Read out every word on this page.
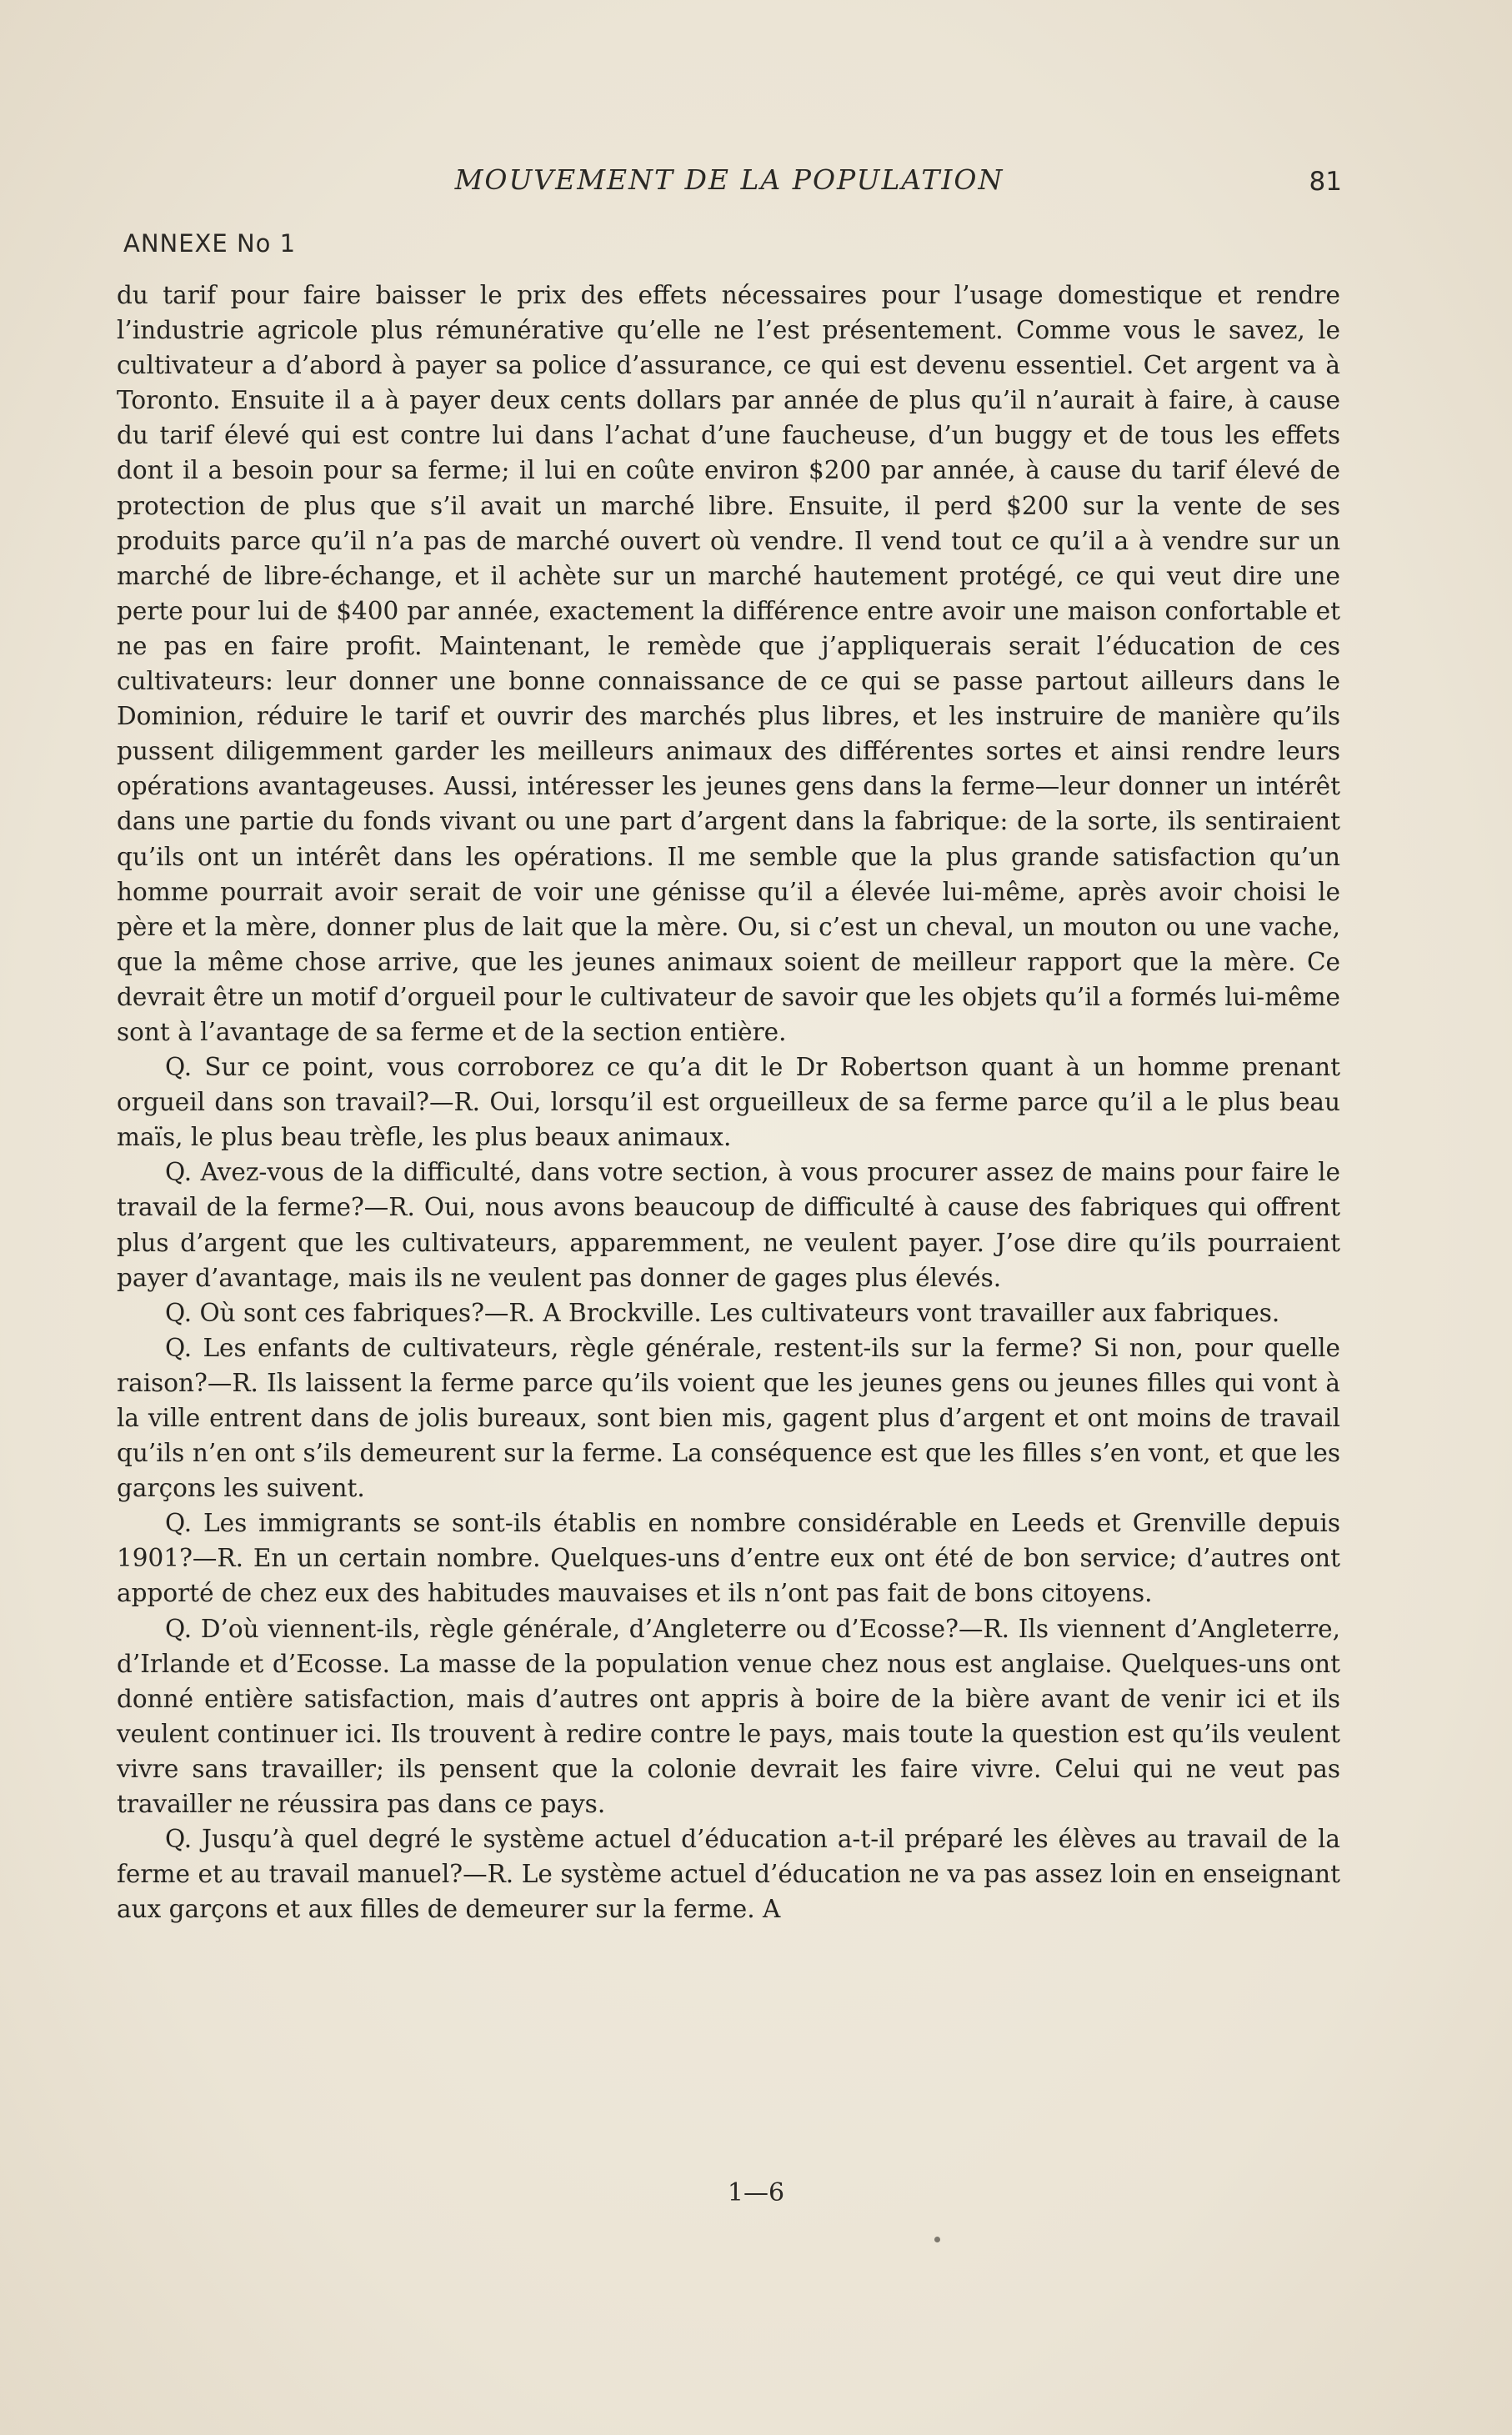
MOUVEMENT DE LA POPULATION	81
ANNEXE No 1

du tarif pour faire baisser le prix des effets nécessaires pour l’usage domestique et rendre l’industrie agricole plus rémunérative qu’elle ne l’est présentement. Comme vous le savez, le cultivateur a d’abord à payer sa police d’assurance, ce qui est devenu essentiel. Cet argent va à Toronto. Ensuite il a à payer deux cents dollars par année de plus qu’il n’aurait à faire, à cause du tarif élevé qui est contre lui dans l’achat d’une faucheuse, d’un buggy et de tous les effets dont il a besoin pour sa ferme; il lui en coûte environ $200 par année, à cause du tarif élevé de protection de plus que s’il avait un marché libre. Ensuite, il perd $200 sur la vente de ses produits parce qu’il n’a pas de marché ouvert où vendre. Il vend tout ce qu’il a à vendre sur un marché de libre-échange, et il achète sur un marché hautement protégé, ce qui veut dire une perte pour lui de $400 par année, exactement la différence entre avoir une maison confortable et ne pas en faire profit. Maintenant, le remède que j’appliquerais serait l’éducation de ces cultivateurs: leur donner une bonne connaissance de ce qui se passe partout ailleurs dans le Dominion, réduire le tarif et ouvrir des marchés plus libres, et les instruire de manière qu’ils pussent diligemment garder les meilleurs animaux des différentes sortes et ainsi rendre leurs opérations avantageuses. Aussi, intéresser les jeunes gens dans la ferme—leur donner un intérêt dans une partie du fonds vivant ou une part d’argent dans la fabrique: de la sorte, ils sentiraient qu’ils ont un intérêt dans les opérations. Il me semble que la plus grande satisfaction qu’un homme pourrait avoir serait de voir une génisse qu’il a élevée lui-même, après avoir choisi le père et la mère, donner plus de lait que la mère. Ou, si c’est un cheval, un mouton ou une vache, que la même chose arrive, que les jeunes animaux soient de meilleur rapport que la mère. Ce devrait être un motif d’orgueil pour le cultivateur de savoir que les objets qu’il a formés lui-même sont à l’avantage de sa ferme et de la section entière.

Q. Sur ce point, vous corroborez ce qu’a dit le Dr Robertson quant à un homme prenant orgueil dans son travail?—R. Oui, lorsqu’il est orgueilleux de sa ferme parce qu’il a le plus beau maïs, le plus beau trèfle, les plus beaux animaux.

Q. Avez-vous de la difficulté, dans votre section, à vous procurer assez de mains pour faire le travail de la ferme?—R. Oui, nous avons beaucoup de difficulté à cause des fabriques qui offrent plus d’argent que les cultivateurs, apparemment, ne veulent payer. J’ose dire qu’ils pourraient payer d’avantage, mais ils ne veulent pas donner de gages plus élevés.

Q. Où sont ces fabriques?—R. A Brockville. Les cultivateurs vont travailler aux fabriques.

Q. Les enfants de cultivateurs, règle générale, restent-ils sur la ferme? Si non, pour quelle raison?—R. Ils laissent la ferme parce qu’ils voient que les jeunes gens ou jeunes filles qui vont à la ville entrent dans de jolis bureaux, sont bien mis, gagent plus d’argent et ont moins de travail qu’ils n’en ont s’ils demeurent sur la ferme. La conséquence est que les filles s’en vont, et que les garçons les suivent.

Q. Les immigrants se sont-ils établis en nombre considérable en Leeds et Grenville depuis 1901?—R. En un certain nombre. Quelques-uns d’entre eux ont été de bon service; d’autres ont apporté de chez eux des habitudes mauvaises et ils n’ont pas fait de bons citoyens.

Q. D’où viennent-ils, règle générale, d’Angleterre ou d’Ecosse?—R. Ils viennent d’Angleterre, d’Irlande et d’Ecosse. La masse de la population venue chez nous est anglaise. Quelques-uns ont donné entière satisfaction, mais d’autres ont appris à boire de la bière avant de venir ici et ils veulent continuer ici. Ils trouvent à redire contre le pays, mais toute la question est qu’ils veulent vivre sans travailler; ils pensent que la colonie devrait les faire vivre. Celui qui ne veut pas travailler ne réussira pas dans ce pays.

Q. Jusqu’à quel degré le système actuel d’éducation a-t-il préparé les élèves au travail de la ferme et au travail manuel?—R. Le système actuel d’éducation ne va pas assez loin en enseignant aux garçons et aux filles de demeurer sur la ferme. A

1—6
